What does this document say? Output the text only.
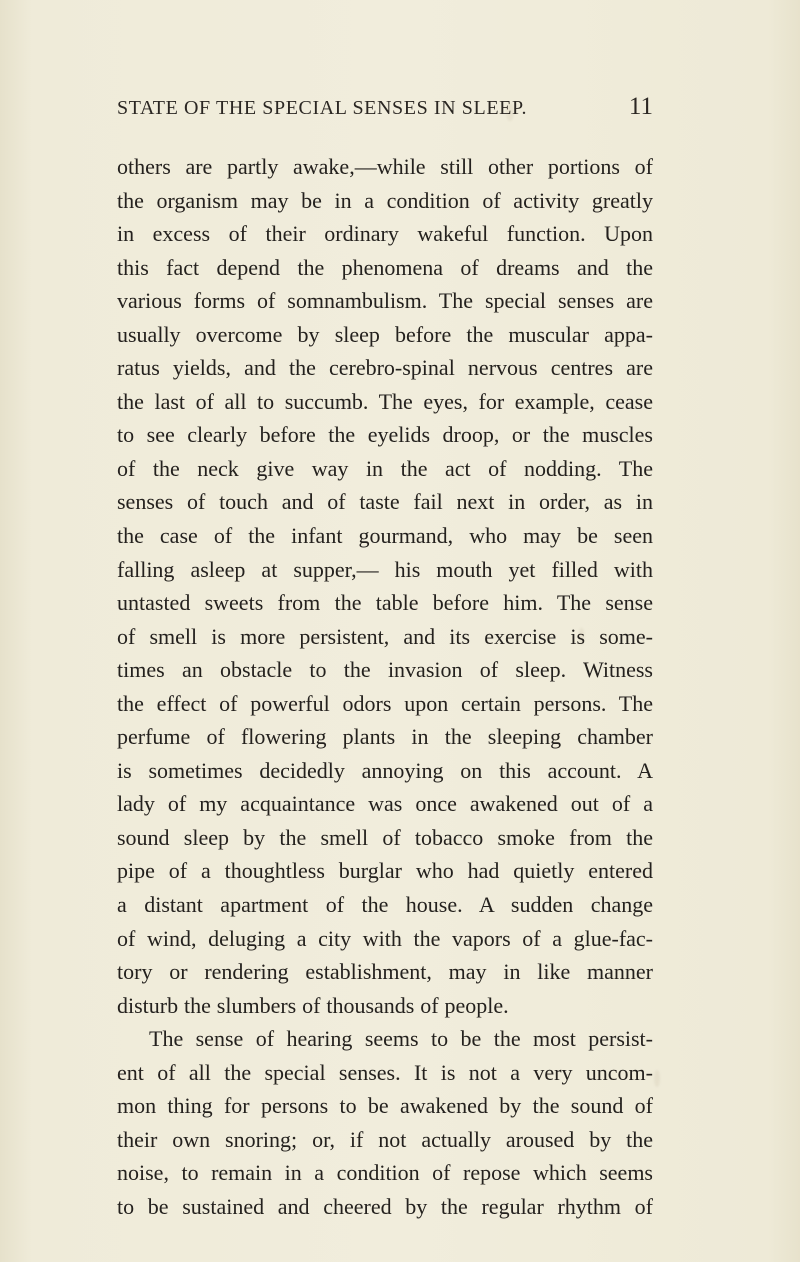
STATE OF THE SPECIAL SENSES IN SLEEP.	11
others are partly awake,—while still other portions of
the organism may be in a condition of activity greatly
in excess of their ordinary wakeful function. Upon
this fact depend the phenomena of dreams and the
various forms of somnambulism. The special senses are
usually overcome by sleep before the muscular appa-
ratus yields, and the cerebro-spinal nervous centres are
the last of all to succumb. The eyes, for example, cease
to see clearly before the eyelids droop, or the muscles
of the neck give way in the act of nodding. The
senses of touch and of taste fail next in order, as in
the case of the infant gourmand, who may be seen
falling asleep at supper,— his mouth yet filled with
untasted sweets from the table before him. The sense
of smell is more persistent, and its exercise is some-
times an obstacle to the invasion of sleep. Witness
the effect of powerful odors upon certain persons. The
perfume of flowering plants in the sleeping chamber
is sometimes decidedly annoying on this account. A
lady of my acquaintance was once awakened out of a
sound sleep by the smell of tobacco smoke from the
pipe of a thoughtless burglar who had quietly entered
a distant apartment of the house. A sudden change
of wind, deluging a city with the vapors of a glue-fac-
tory or rendering establishment, may in like manner
disturb the slumbers of thousands of people.
The sense of hearing seems to be the most persist-
ent of all the special senses. It is not a very uncom-
mon thing for persons to be awakened by the sound of
their own snoring; or, if not actually aroused by the
noise, to remain in a condition of repose which seems
to be sustained and cheered by the regular rhythm of
